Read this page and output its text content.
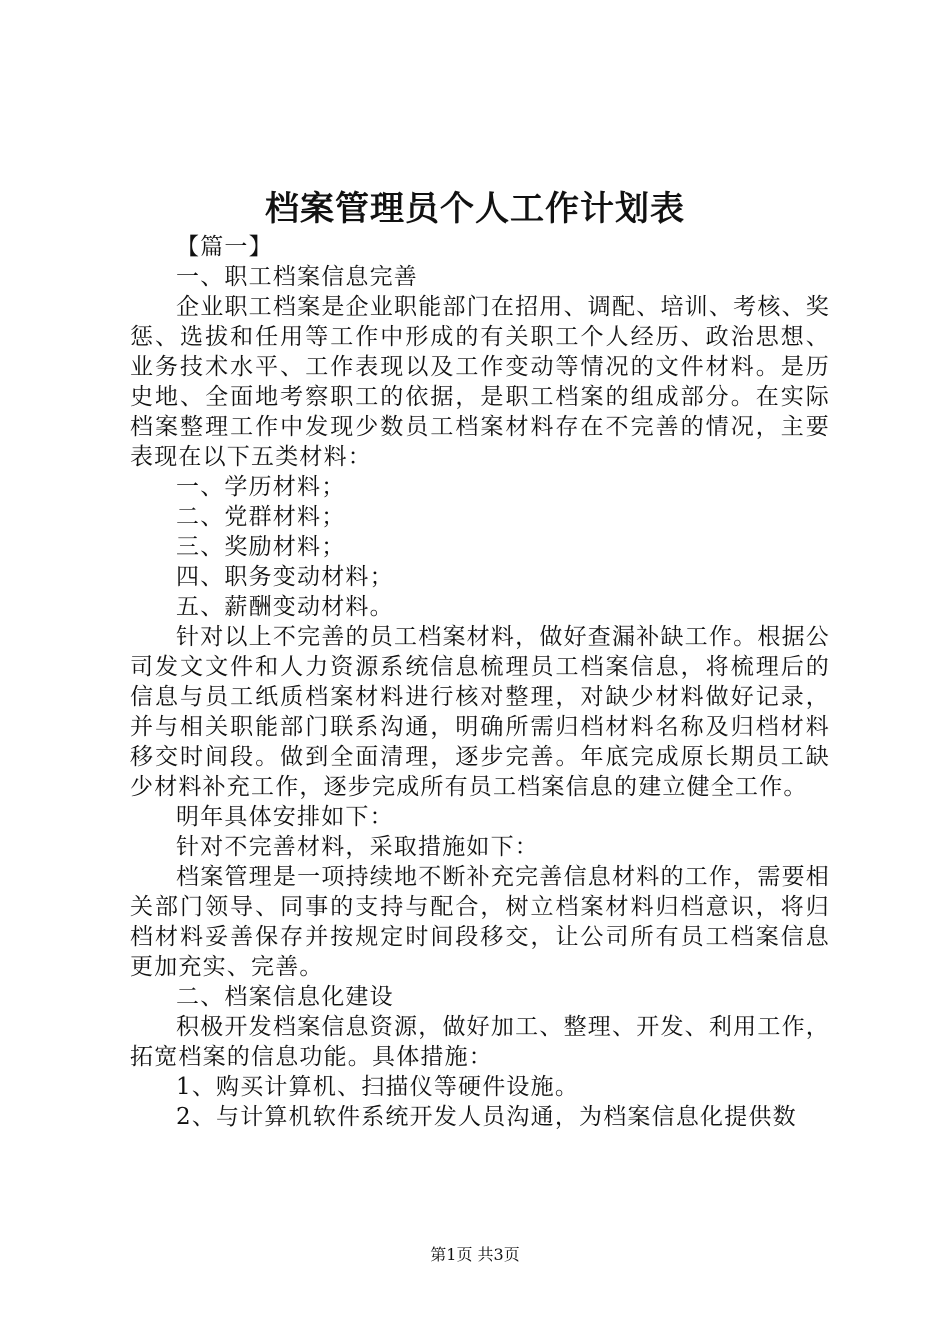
档案管理员个人工作计划表

【篇一】

一、职工档案信息完善

企业职工档案是企业职能部门在招用、调配、培训、考核、奖惩、选拔和任用等工作中形成的有关职工个人经历、政治思想、业务技术水平、工作表现以及工作变动等情况的文件材料。是历史地、全面地考察职工的依据，是职工档案的组成部分。在实际档案整理工作中发现少数员工档案材料存在不完善的情况，主要表现在以下五类材料：

一、学历材料；

二、党群材料；

三、奖励材料；

四、职务变动材料；

五、薪酬变动材料。

针对以上不完善的员工档案材料，做好查漏补缺工作。根据公司发文文件和人力资源系统信息梳理员工档案信息，将梳理后的信息与员工纸质档案材料进行核对整理，对缺少材料做好记录，并与相关职能部门联系沟通，明确所需归档材料名称及归档材料移交时间段。做到全面清理，逐步完善。年底完成原长期员工缺少材料补充工作，逐步完成所有员工档案信息的建立健全工作。

明年具体安排如下：

针对不完善材料，采取措施如下：

档案管理是一项持续地不断补充完善信息材料的工作，需要相关部门领导、同事的支持与配合，树立档案材料归档意识，将归档材料妥善保存并按规定时间段移交，让公司所有员工档案信息更加充实、完善。

二、档案信息化建设

积极开发档案信息资源，做好加工、整理、开发、利用工作，拓宽档案的信息功能。具体措施：

1、购买计算机、扫描仪等硬件设施。

2、与计算机软件系统开发人员沟通，为档案信息化提供数

第1页 共3页
